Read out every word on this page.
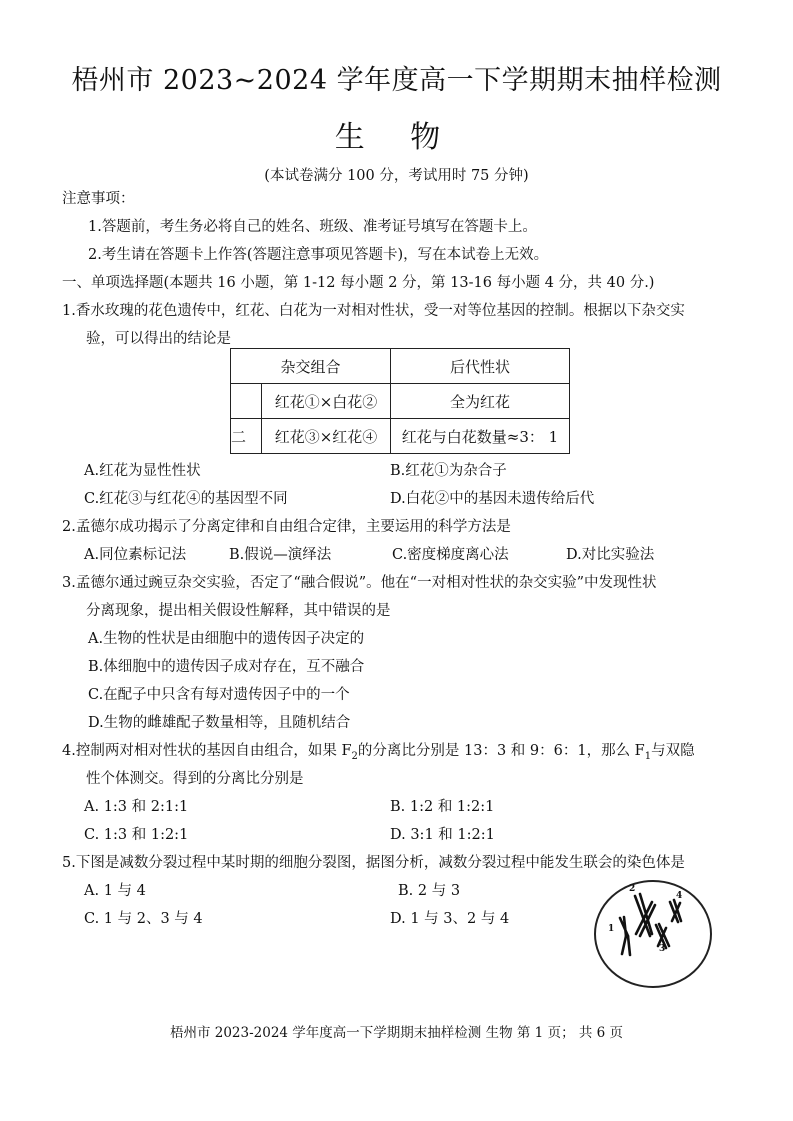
梧州市 2023~2024 学年度高一下学期期末抽样检测
生 物
(本试卷满分 100 分，考试用时 75 分钟)
注意事项：
1.答题前，考生务必将自己的姓名、班级、准考证号填写在答题卡上。
2.考生请在答题卡上作答(答题注意事项见答题卡)，写在本试卷上无效。
一、单项选择题(本题共 16 小题，第 1-12 每小题 2 分，第 13-16 每小题 4 分，共 40 分.)
1.香水玫瑰的花色遗传中，红花、白花为一对相对性状，受一对等位基因的控制。根据以下杂交实
验，可以得出的结论是
杂交组合		后代性状
	红花①×白花②	全为红花
二	红花③×红花④	红花与白花数量≈3： 1
A.红花为显性性状	B.红花①为杂合子
C.红花③与红花④的基因型不同	D.白花②中的基因未遗传给后代
2.孟德尔成功揭示了分离定律和自由组合定律，主要运用的科学方法是
A.同位素标记法	B.假说—演绎法	C.密度梯度离心法	D.对比实验法
3.孟德尔通过豌豆杂交实验，否定了“融合假说”。他在“一对相对性状的杂交实验”中发现性状
分离现象，提出相关假设性解释，其中错误的是
A.生物的性状是由细胞中的遗传因子决定的
B.体细胞中的遗传因子成对存在，互不融合
C.在配子中只含有每对遗传因子中的一个
D.生物的雌雄配子数量相等，且随机结合
4.控制两对相对性状的基因自由组合，如果 $F_2$的分离比分别是 13：3 和 9：6：1，那么 $F_1$与双隐
性个体测交。得到的分离比分别是
A. 1:3 和 2:1:1	B. 1:2 和 1:2:1
C. 1:3 和 1:2:1	D. 3:1 和 1:2:1
5.下图是减数分裂过程中某时期的细胞分裂图，据图分析，减数分裂过程中能发生联会的染色体是
A. 1 与 4	B. 2 与 3
C. 1 与 2、3 与 4	D. 1 与 3、2 与 4
1
2
3
4
梧州市 2023-2024 学年度高一下学期期末抽样检测 生物 第 1 页； 共 6 页
